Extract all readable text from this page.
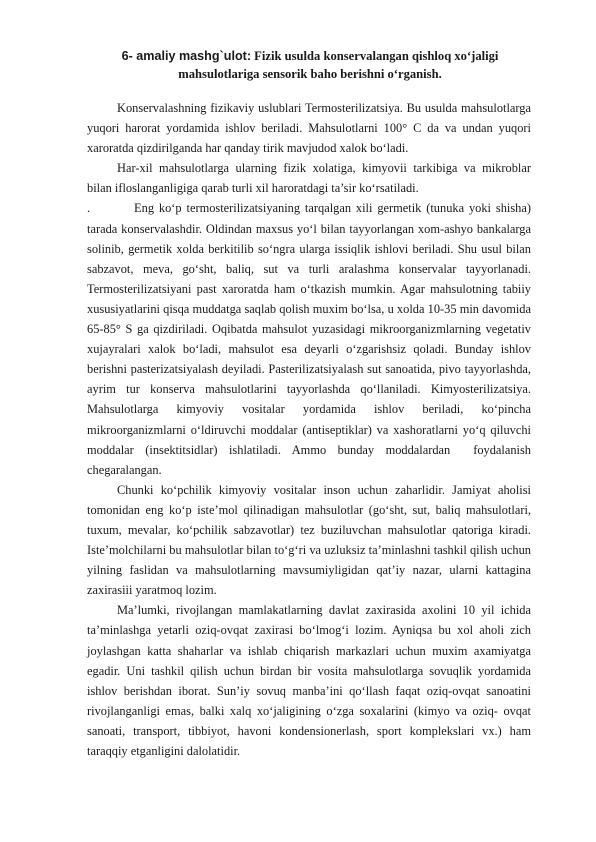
6- amaliy mashg`ulot: Fizik usulda konservalangan qishloq xo‘jaligi mahsulotlariga sensorik baho berishni o‘rganish.

Konservalashning fizikaviy uslublari Termosterilizatsiya. Bu usulda mahsulotlarga yuqori harorat yordamida ishlov beriladi. Mahsulotlarni 100° C da va undan yuqori xaroratda qizdirilganda har qanday tirik mavjudod xalok bo‘ladi.

Har-xil mahsulotlarga ularning fizik xolatiga, kimyovii tarkibiga va mikroblar bilan ifloslanganligiga qarab turli xil haroratdagi ta’sir ko‘rsatiladi.

.         Eng ko‘p termosterilizatsiyaning tarqalgan xili germetik (tunuka yoki shisha) tarada konservalashdir. Oldindan maxsus yo‘l bilan tayyorlangan xom-ashyo bankalarga solinib, germetik xolda berkitilib so‘ngra ularga issiqlik ishlovi beriladi. Shu usul bilan sabzavot, meva, go‘sht, baliq, sut va turli aralashma konservalar tayyorlanadi. Termosterilizatsiyani past xaroratda ham o‘tkazish mumkin. Agar mahsulotning tabiiy xususiyatlarini qisqa muddatga saqlab qolish muxim bo‘lsa, u xolda 10-35 min davomida 65-85° S ga qizdiriladi. Oqibatda mahsulot yuzasidagi mikroorganizmlarning vegetativ xujayralari xalok bo‘ladi, mahsulot esa deyarli o‘zgarishsiz qoladi. Bunday ishlov berishni pasterizatsiyalash deyiladi. Pasterilizatsiyalash sut sanoatida, pivo tayyorlashda, ayrim tur konserva mahsulotlarini tayyorlashda qo‘llaniladi. Kimyosterilizatsiya. Mahsulotlarga kimyoviy vositalar yordamida ishlov beriladi, ko‘pincha mikroorganizmlarni o‘ldiruvchi moddalar (antiseptiklar) va xashoratlarni yo‘q qiluvchi moddalar (insektitsidlar) ishlatiladi. Ammo bunday moddalardan  foydalanish chegaralangan.

Chunki ko‘pchilik kimyoviy vositalar inson uchun zaharlidir. Jamiyat aholisi tomonidan eng ko‘p iste’mol qilinadigan mahsulotlar (go‘sht, sut, baliq mahsulotlari, tuxum, mevalar, ko‘pchilik sabzavotlar) tez buziluvchan mahsulotlar qatoriga kiradi. Iste’molchilarni bu mahsulotlar bilan to‘g‘ri va uzluksiz ta’minlashni tashkil qilish uchun yilning faslidan va mahsulotlarning mavsumiyligidan qat’iy nazar, ularni kattagina zaxirasiii yaratmoq lozim.

Ma’lumki, rivojlangan mamlakatlarning davlat zaxirasida axolini 10 yil ichida ta’minlashga yetarli oziq-ovqat zaxirasi bo‘lmog‘i lozim. Ayniqsa bu xol aholi zich joylashgan katta shaharlar va ishlab chiqarish markazlari uchun muxim axamiyatga egadir. Uni tashkil qilish uchun birdan bir vosita mahsulotlarga sovuqlik yordamida ishlov berishdan iborat. Sun’iy sovuq manba’ini qo‘llash faqat oziq-ovqat sanoatini rivojlanganligi emas, balki xalq xo‘jaligining o‘zga soxalarini (kimyo va oziq- ovqat sanoati, transport, tibbiyot, havoni kondensionerlash, sport komplekslari vx.) ham taraqqiy etganligini dalolatidir.
